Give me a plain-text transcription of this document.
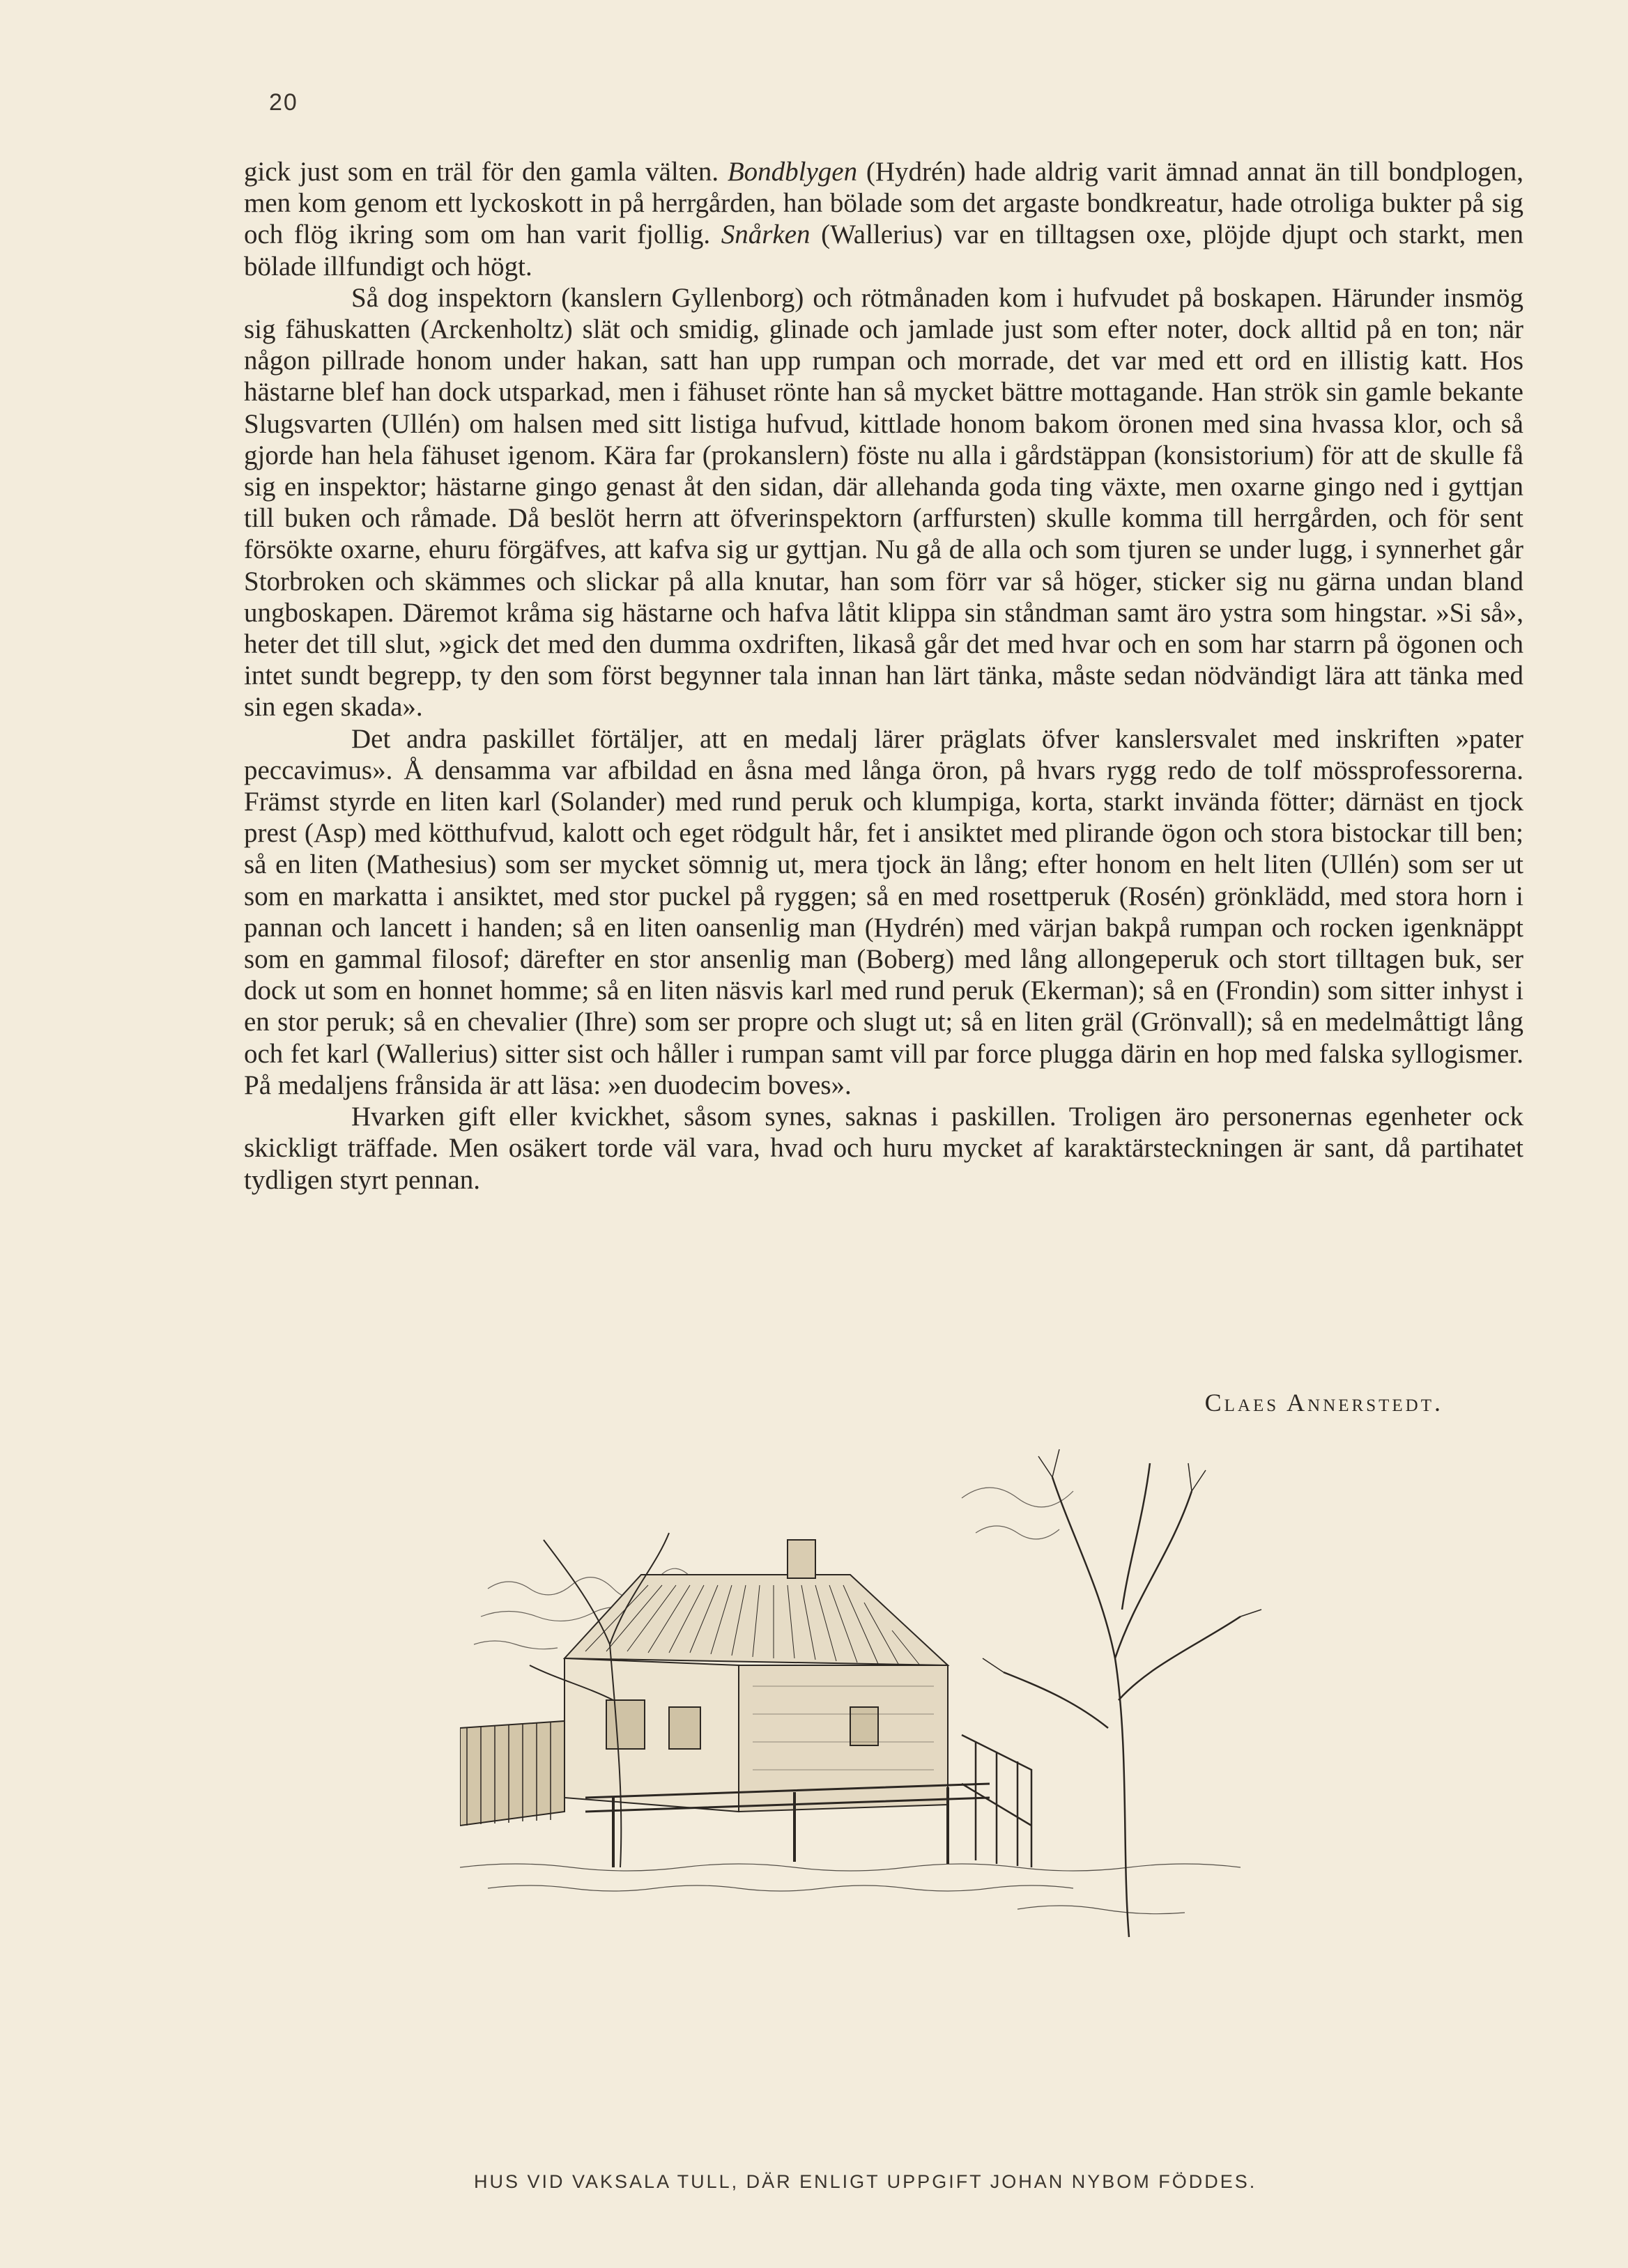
20

gick just som en träl för den gamla välten. Bondblygen (Hydrén) hade aldrig varit ämnad annat än till bondplogen, men kom genom ett lyckoskott in på herrgården, han bölade som det argaste bondkreatur, hade otroliga bukter på sig och flög ikring som om han varit fjollig. Snårken (Wallerius) var en tilltagsen oxe, plöjde djupt och starkt, men bölade illfundigt och högt.

Så dog inspektorn (kanslern Gyllenborg) och rötmånaden kom i hufvudet på boskapen. Härunder insmög sig fähuskatten (Arckenholtz) slät och smidig, glinade och jamlade just som efter noter, dock alltid på en ton; när någon pillrade honom under hakan, satt han upp rumpan och morrade, det var med ett ord en illistig katt. Hos hästarne blef han dock utsparkad, men i fähuset rönte han så mycket bättre mottagande. Han strök sin gamle bekante Slugsvarten (Ullén) om halsen med sitt listiga hufvud, kittlade honom bakom öronen med sina hvassa klor, och så gjorde han hela fähuset igenom. Kära far (prokanslern) föste nu alla i gårdstäppan (konsistorium) för att de skulle få sig en inspektor; hästarne gingo genast åt den sidan, där allehanda goda ting växte, men oxarne gingo ned i gyttjan till buken och råmade. Då beslöt herrn att öfverinspektorn (arffursten) skulle komma till herrgården, och för sent försökte oxarne, ehuru förgäfves, att kafva sig ur gyttjan. Nu gå de alla och som tjuren se under lugg, i synnerhet går Storbroken och skämmes och slickar på alla knutar, han som förr var så höger, sticker sig nu gärna undan bland ungboskapen. Däremot kråma sig hästarne och hafva låtit klippa sin ståndman samt äro ystra som hingstar. »Si så», heter det till slut, »gick det med den dumma oxdriften, likaså går det med hvar och en som har starrn på ögonen och intet sundt begrepp, ty den som först begynner tala innan han lärt tänka, måste sedan nödvändigt lära att tänka med sin egen skada».

Det andra paskillet förtäljer, att en medalj lärer präglats öfver kanslersvalet med inskriften »pater peccavimus». Å densamma var afbildad en åsna med långa öron, på hvars rygg redo de tolf mössprofessorerna. Främst styrde en liten karl (Solander) med rund peruk och klumpiga, korta, starkt invända fötter; därnäst en tjock prest (Asp) med kötthufvud, kalott och eget rödgult hår, fet i ansiktet med plirande ögon och stora bistockar till ben; så en liten (Mathesius) som ser mycket sömnig ut, mera tjock än lång; efter honom en helt liten (Ullén) som ser ut som en markatta i ansiktet, med stor puckel på ryggen; så en med rosettperuk (Rosén) grönklädd, med stora horn i pannan och lancett i handen; så en liten oansenlig man (Hydrén) med värjan bakpå rumpan och rocken igenknäppt som en gammal filosof; därefter en stor ansenlig man (Boberg) med lång allongeperuk och stort tilltagen buk, ser dock ut som en honnet homme; så en liten näsvis karl med rund peruk (Ekerman); så en (Frondin) som sitter inhyst i en stor peruk; så en chevalier (Ihre) som ser propre och slugt ut; så en liten gräl (Grönvall); så en medelmåttigt lång och fet karl (Wallerius) sitter sist och håller i rumpan samt vill par force plugga därin en hop med falska syllogismer. På medaljens frånsida är att läsa: »en duodecim boves».

Hvarken gift eller kvickhet, såsom synes, saknas i paskillen. Troligen äro personernas egenheter ock skickligt träffade. Men osäkert torde väl vara, hvad och huru mycket af karaktärsteckningen är sant, då partihatet tydligen styrt pennan.

Claes Annerstedt.
HUS VID VAKSALA TULL, DÄR ENLIGT UPPGIFT JOHAN NYBOM FÖDDES.
